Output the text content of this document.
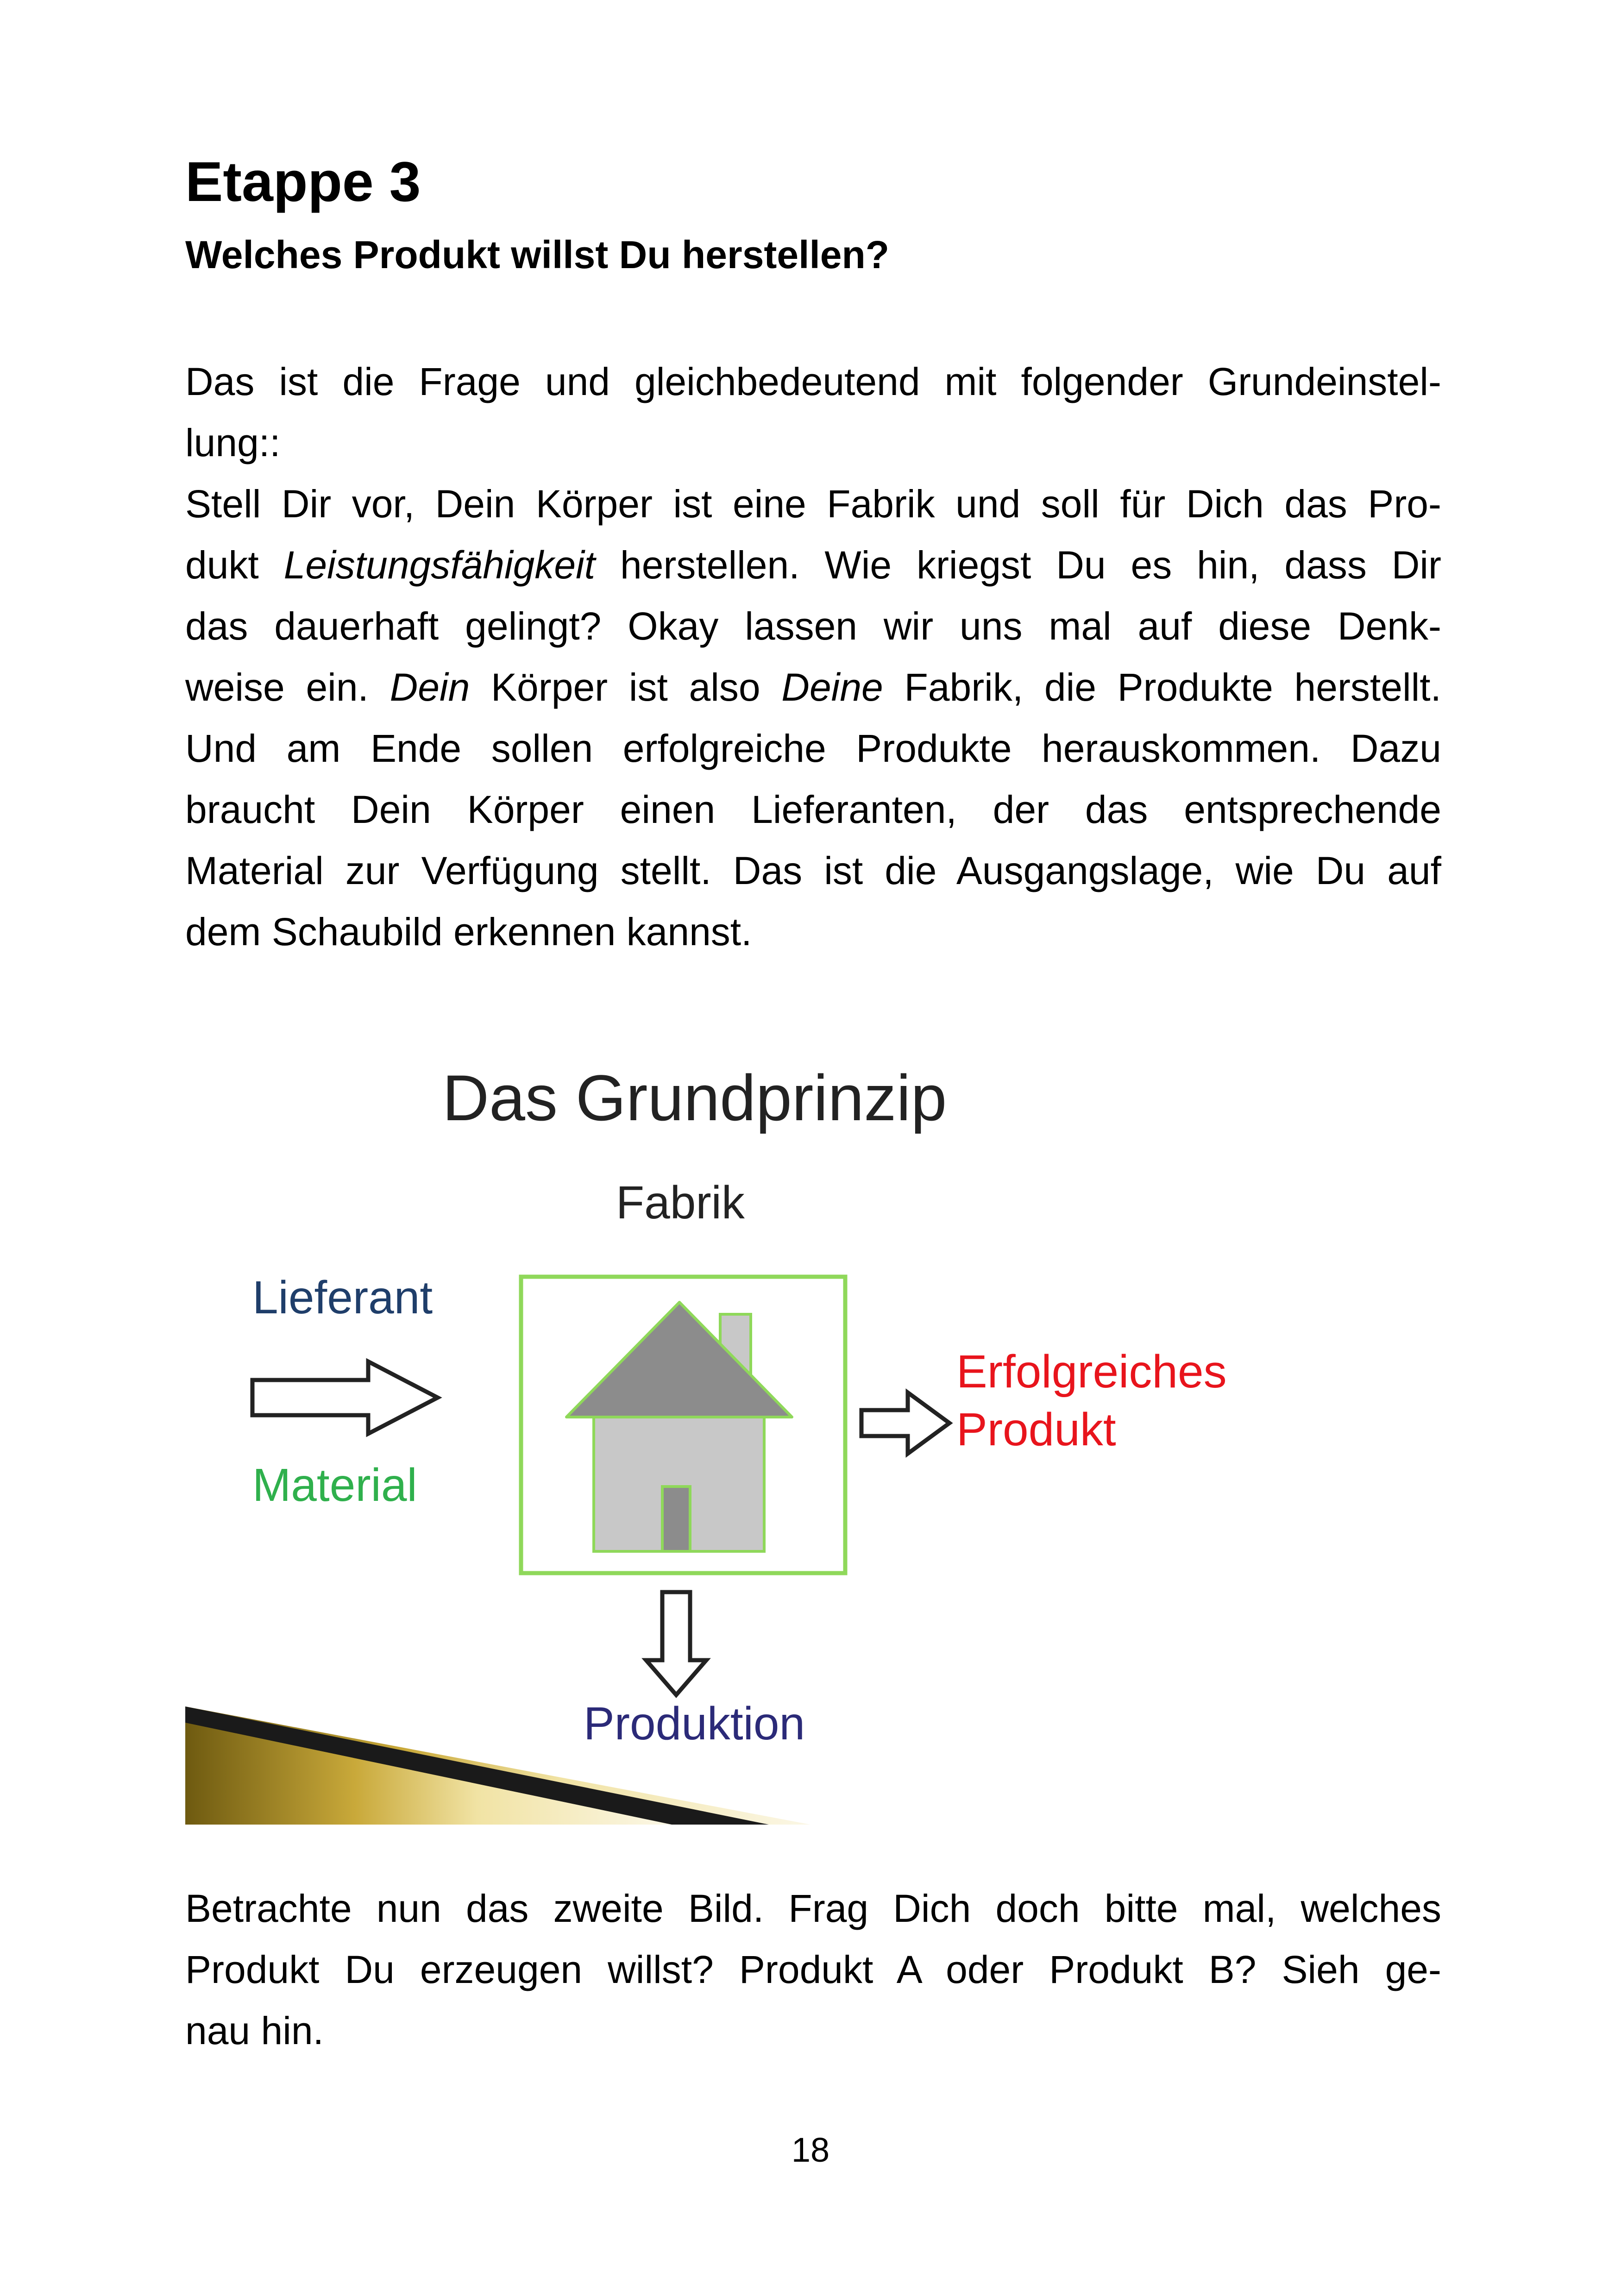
Etappe 3
Welches Produkt willst Du herstellen?
Das ist die Frage und gleichbedeutend mit folgender Grundeinstel-
lung::
Stell Dir vor, Dein Körper ist eine Fabrik und soll für Dich das Pro-
dukt Leistungsfähigkeit herstellen. Wie kriegst Du es hin, dass Dir
das dauerhaft gelingt? Okay lassen wir uns mal auf diese Denk-
weise ein. Dein Körper ist also Deine Fabrik, die Produkte herstellt.
Und am Ende sollen erfolgreiche Produkte herauskommen. Dazu
braucht Dein Körper einen Lieferanten, der das entsprechende
Material zur Verfügung stellt. Das ist die Ausgangslage, wie Du auf
dem Schaubild erkennen kannst.
Das Grundprinzip
Fabrik
Lieferant
Material
Erfolgreiches
Produkt
Produktion
Betrachte nun das zweite Bild. Frag Dich doch bitte mal, welches
Produkt Du erzeugen willst? Produkt A oder Produkt B? Sieh ge-
nau hin.
18
